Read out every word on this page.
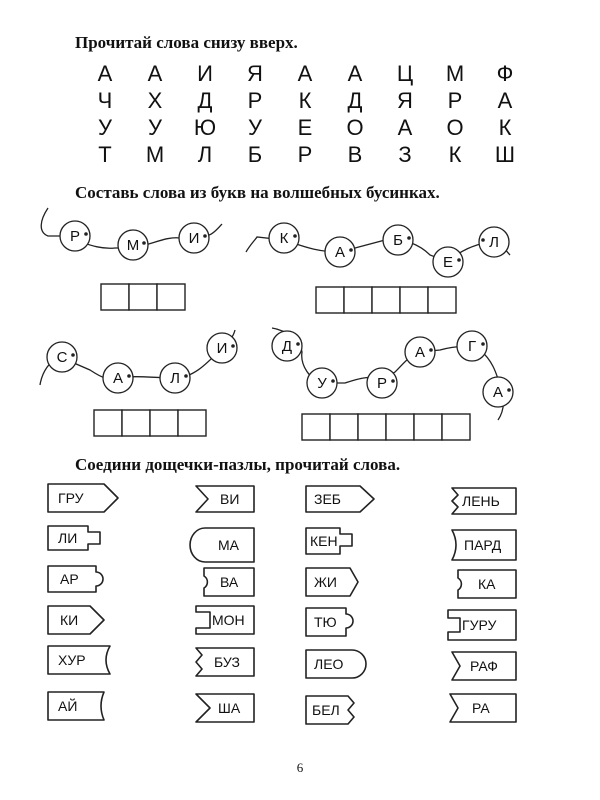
Прочитай слова снизу вверх.
А	А	И	Я	А	А	Ц	М	Ф
Ч	Х	Д	Р	К	Д	Я	Р	А
У	У	Ю	У	Е	О	А	О	К
Т	М	Л	Б	Р	В	З	К	Ш
Составь слова из букв на волшебных бусинках.
Соедини дощечки-пазлы, прочитай слова.
Р
М	И	К
А
Б
Е
Л
С
А	Л
И	Д
У	Р
А	Г
А
ГРУ
ЛИ
АР
КИ
ХУР
АЙ
ВИ
МА
ВА
МОН
БУЗ
ША
ЗЕБ
КЕН
ЖИ
ТЮ
ЛЕО
БЕЛ
ЛЕНЬ
ПАРД
КА
ГУРУ
РАФ
РА
6
